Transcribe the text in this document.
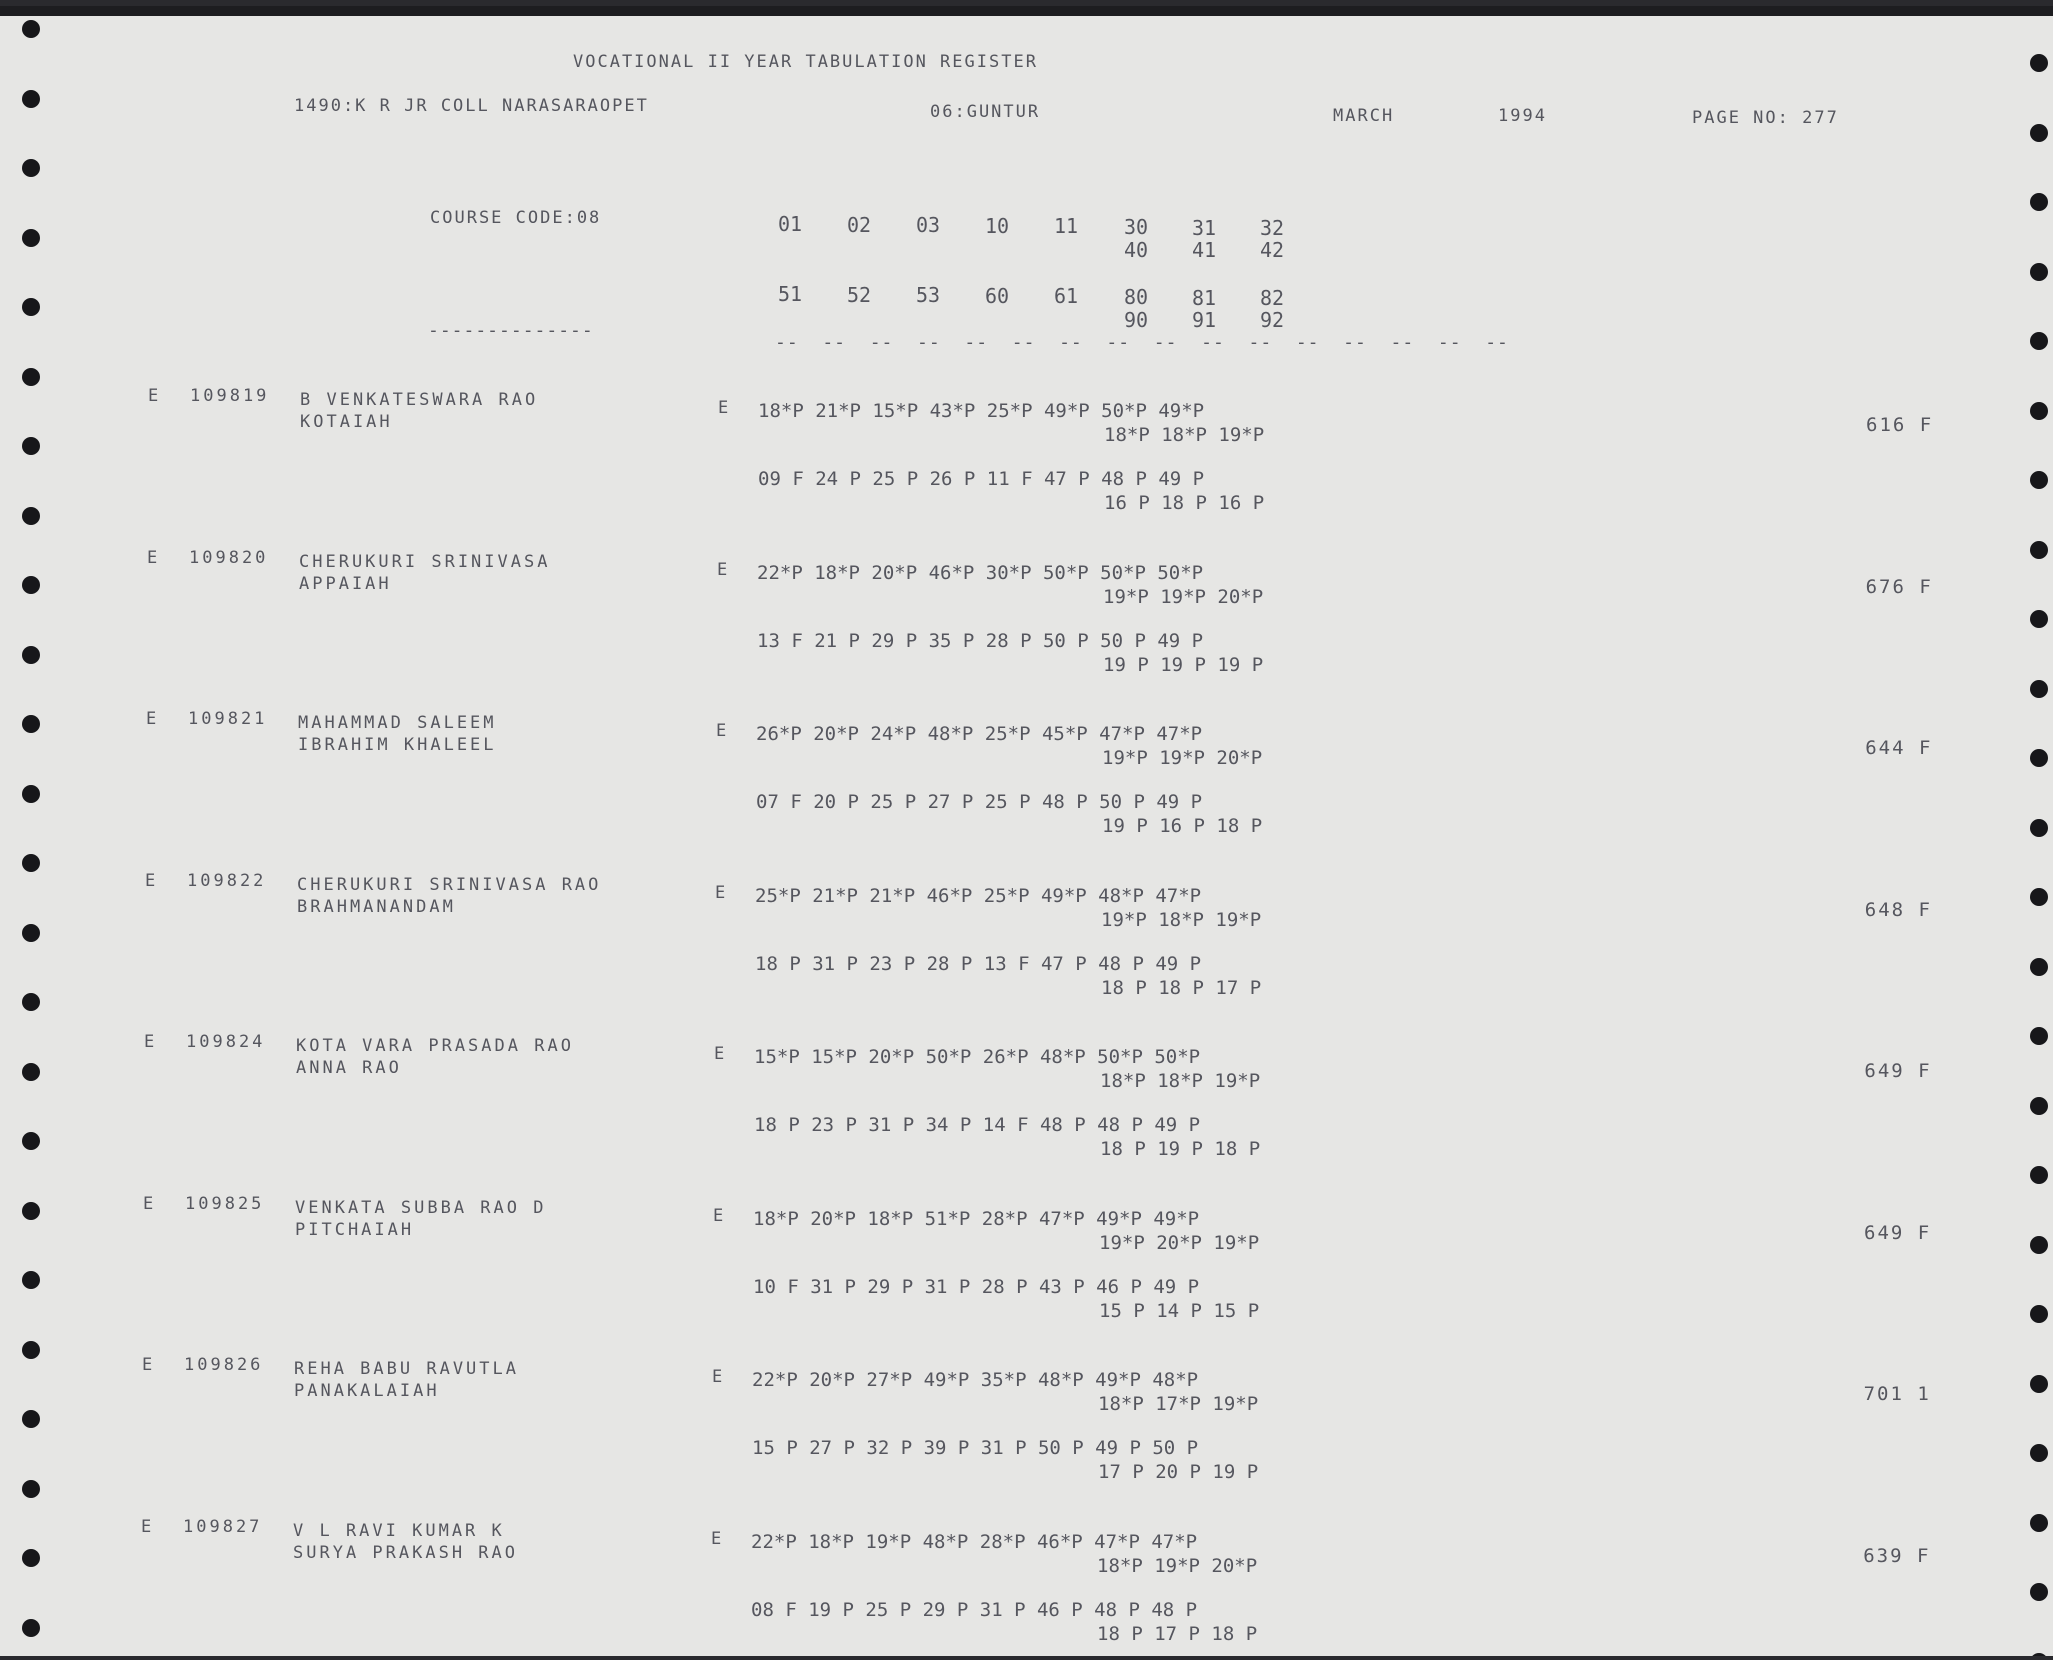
VOCATIONAL II YEAR TABULATION REGISTER
1490:K R JR COLL NARASARAOPET	06:GUNTUR	MARCH	1994	PAGE NO: 277
COURSE CODE:08	01	02	03	10	11	30	31	32
40	41	42
51	52	53	60	61	80	81	82
90	91	92
--------------
--  --  --  --  --  --  --  --  --  --  --  --  --  --  --  --
E 109819 B VENKATESWARA RAO
KOTAIAH
E 18*P 21*P 15*P 43*P 25*P 49*P 50*P 49*P
18*P 18*P 19*P
09 F 24 P 25 P 26 P 11 F 47 P 48 P 49 P
16 P 18 P 16 P
616 F
E 109820 CHERUKURI SRINIVASA
APPAIAH
E 22*P 18*P 20*P 46*P 30*P 50*P 50*P 50*P
19*P 19*P 20*P
13 F 21 P 29 P 35 P 28 P 50 P 50 P 49 P
19 P 19 P 19 P
676 F
E 109821 MAHAMMAD SALEEM
IBRAHIM KHALEEL
E 26*P 20*P 24*P 48*P 25*P 45*P 47*P 47*P
19*P 19*P 20*P
07 F 20 P 25 P 27 P 25 P 48 P 50 P 49 P
19 P 16 P 18 P
644 F
E 109822 CHERUKURI SRINIVASA RAO
BRAHMANANDAM
E 25*P 21*P 21*P 46*P 25*P 49*P 48*P 47*P
19*P 18*P 19*P
18 P 31 P 23 P 28 P 13 F 47 P 48 P 49 P
18 P 18 P 17 P
648 F
E 109824 KOTA VARA PRASADA RAO
ANNA RAO
E 15*P 15*P 20*P 50*P 26*P 48*P 50*P 50*P
18*P 18*P 19*P
18 P 23 P 31 P 34 P 14 F 48 P 48 P 49 P
18 P 19 P 18 P
649 F
E 109825 VENKATA SUBBA RAO D
PITCHAIAH
E 18*P 20*P 18*P 51*P 28*P 47*P 49*P 49*P
19*P 20*P 19*P
10 F 31 P 29 P 31 P 28 P 43 P 46 P 49 P
15 P 14 P 15 P
649 F
E 109826 REHA BABU RAVUTLA
PANAKALAIAH
E 22*P 20*P 27*P 49*P 35*P 48*P 49*P 48*P
18*P 17*P 19*P
15 P 27 P 32 P 39 P 31 P 50 P 49 P 50 P
17 P 20 P 19 P
701 1
E 109827 V L RAVI KUMAR K
SURYA PRAKASH RAO
E 22*P 18*P 19*P 48*P 28*P 46*P 47*P 47*P
18*P 19*P 20*P
08 F 19 P 25 P 29 P 31 P 46 P 48 P 48 P
18 P 17 P 18 P
639 F
